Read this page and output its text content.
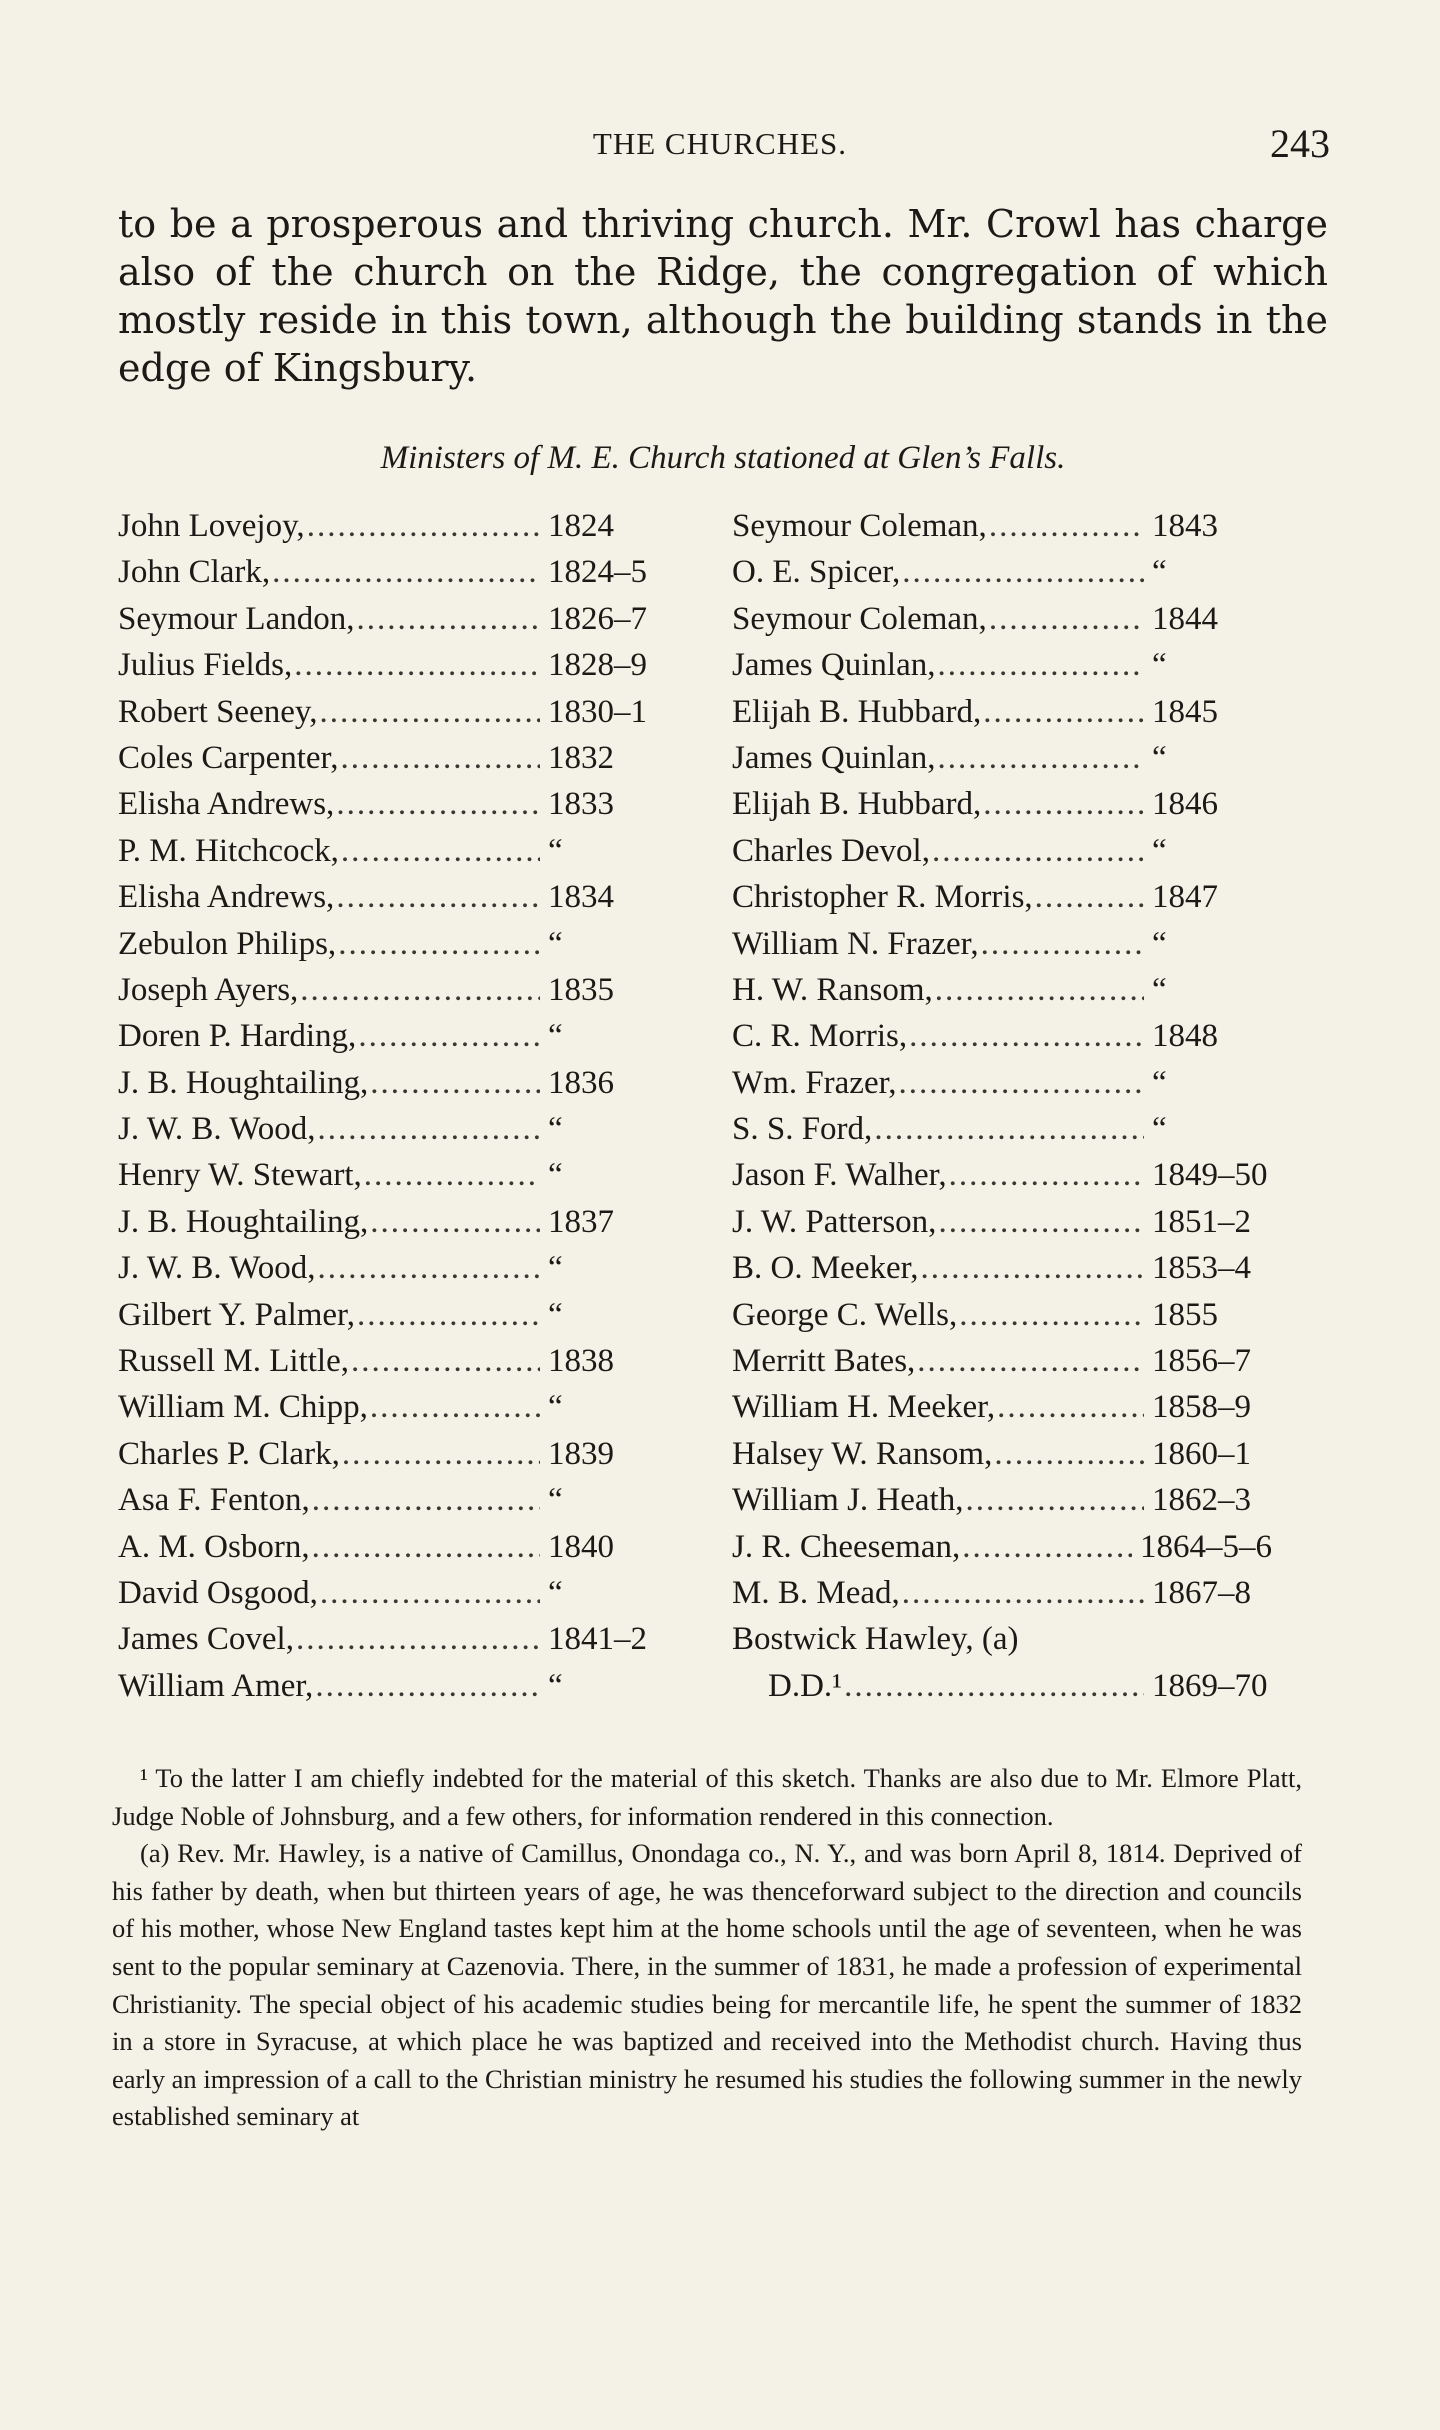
THE CHURCHES.	243

to be a prosperous and thriving church. Mr. Crowl has charge also of the church on the Ridge, the congregation of which mostly reside in this town, although the building stands in the edge of Kingsbury.

Ministers of M. E. Church stationed at Glen’s Falls.
John Lovejoy, .....	1824
John Clark, .....	1824–5
Seymour Landon, .....	1826–7
Julius Fields, .....	1828–9
Robert Seeney, .....	1830–1
Coles Carpenter, .....	1832
Elisha Andrews, .....	1833
P. M. Hitchcock, .....	“
Elisha Andrews, .....	1834
Zebulon Philips, .....	“
Joseph Ayers, .....	1835
Doren P. Harding, .....	“
J. B. Houghtailing, .....	1836
J. W. B. Wood, .....	“
Henry W. Stewart, .....	“
J. B. Houghtailing, .....	1837
J. W. B. Wood, .....	“
Gilbert Y. Palmer, .....	“
Russell M. Little, .....	1838
William M. Chipp, .....	“
Charles P. Clark, .....	1839
Asa F. Fenton, .....	“
A. M. Osborn, .....	1840
David Osgood, .....	“
James Covel, .....	1841–2
William Amer, .....	“
Seymour Coleman, .....	1843
O. E. Spicer, .....	“
Seymour Coleman, .....	1844
James Quinlan, .....	“
Elijah B. Hubbard, .....	1845
James Quinlan, .....	“
Elijah B. Hubbard, .....	1846
Charles Devol, .....	“
Christopher R. Morris, .....	1847
William N. Frazer, .....	“
H. W. Ransom, .....	“
C. R. Morris, .....	1848
Wm. Frazer, .....	“
S. S. Ford, .....	“
Jason F. Walher, .....	1849–50
J. W. Patterson, .....	1851–2
B. O. Meeker, .....	1853–4
George C. Wells, .....	1855
Merritt Bates, .....	1856–7
William H. Meeker, .....	1858–9
Halsey W. Ransom, .....	1860–1
William J. Heath, .....	1862–3
J. R. Cheeseman, .....	1864–5–6
M. B. Mead, .....	1867–8
Bostwick Hawley, (a)
D.D.¹ .....	1869–70

¹ To the latter I am chiefly indebted for the material of this sketch. Thanks are also due to Mr. Elmore Platt, Judge Noble of Johnsburg, and a few others, for information rendered in this connection.

(a) Rev. Mr. Hawley, is a native of Camillus, Onondaga co., N. Y., and was born April 8, 1814. Deprived of his father by death, when but thirteen years of age, he was thenceforward subject to the direction and councils of his mother, whose New England tastes kept him at the home schools until the age of seventeen, when he was sent to the popular seminary at Cazenovia. There, in the summer of 1831, he made a profession of experimental Christianity. The special object of his academic studies being for mercantile life, he spent the summer of 1832 in a store in Syracuse, at which place he was baptized and received into the Methodist church. Having thus early an impression of a call to the Christian ministry he resumed his studies the following summer in the newly established seminary at
